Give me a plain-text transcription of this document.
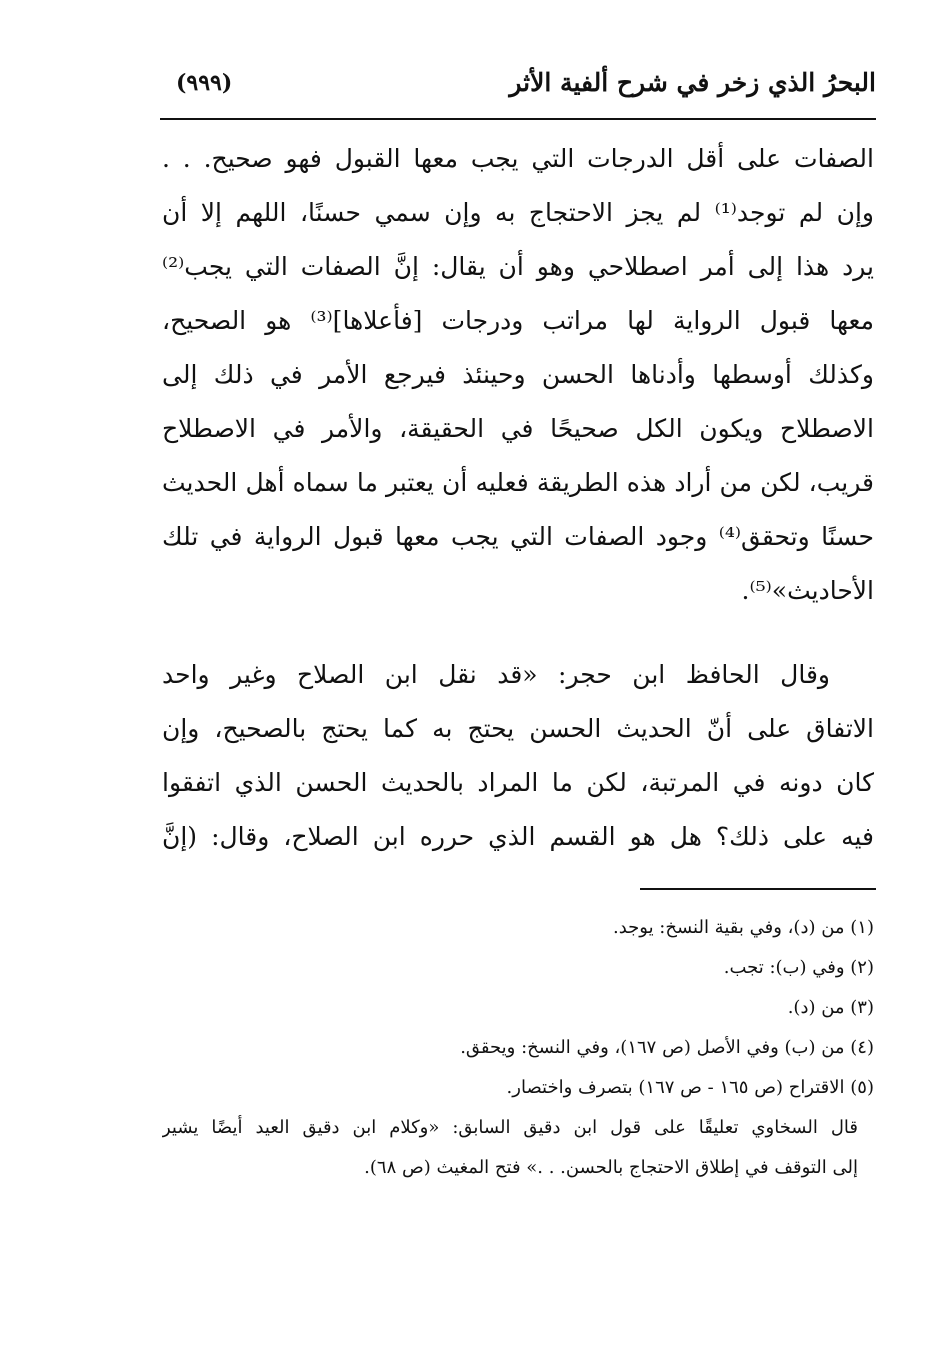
البحرُ الذي زخر في شرح ألفية الأثر
(٩٩٩)
الصفات على أقل الدرجات التي يجب معها القبول فهو صحيح. . .
وإن لم توجد⁽¹⁾ لم يجز الاحتجاج به وإن سمي حسنًا، اللهم إلا أن
يرد هذا إلى أمر اصطلاحي وهو أن يقال: إنَّ الصفات التي يجب⁽²⁾
معها قبول الرواية لها مراتب ودرجات [فأعلاها]⁽³⁾ هو الصحيح،
وكذلك أوسطها وأدناها الحسن وحينئذ فيرجع الأمر في ذلك إلى
الاصطلاح ويكون الكل صحيحًا في الحقيقة، والأمر في الاصطلاح
قريب، لكن من أراد هذه الطريقة فعليه أن يعتبر ما سماه أهل الحديث
حسنًا وتحقق⁽⁴⁾ وجود الصفات التي يجب معها قبول الرواية في تلك
الأحاديث»⁽⁵⁾.
وقال الحافظ ابن حجر: «قد نقل ابن الصلاح وغير واحد
الاتفاق على أنّ الحديث الحسن يحتج به كما يحتج بالصحيح، وإن
كان دونه في المرتبة، لكن ما المراد بالحديث الحسن الذي اتفقوا
فيه على ذلك؟ هل هو القسم الذي حرره ابن الصلاح، وقال: (إنَّ
(١) من (د)، وفي بقية النسخ: يوجد.
(٢) وفي (ب): تجب.
(٣) من (د).
(٤) من (ب) وفي الأصل (ص ١٦٧)، وفي النسخ: ويحقق.
(٥) الاقتراح (ص ١٦٥ - ص ١٦٧) بتصرف واختصار.
قال السخاوي تعليقًا على قول ابن دقيق السابق: «وكلام ابن دقيق العيد أيضًا يشير
إلى التوقف في إطلاق الاحتجاج بالحسن. . .» فتح المغيث (ص ٦٨).
